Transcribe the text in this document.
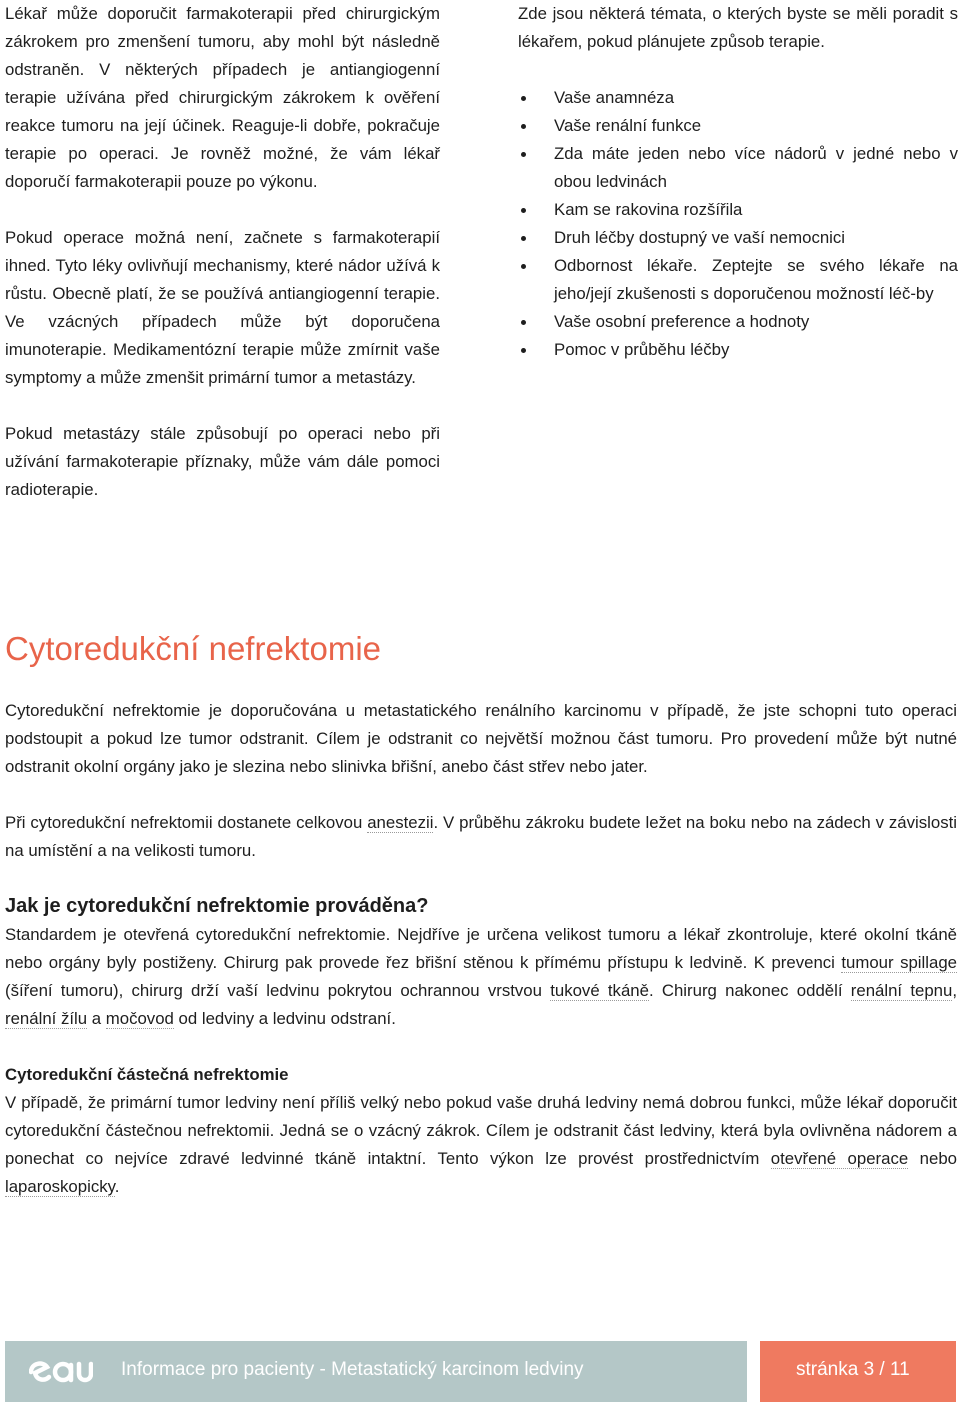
Lékař může doporučit farmakoterapii před chirurgickým zákrokem pro zmenšení tumoru, aby mohl být následně odstraněn. V některých případech je antiangiogenní terapie užívána před chirurgickým zákrokem k ověření reakce tumoru na její účinek. Reaguje-li dobře, pokračuje terapie po operaci. Je rovněž možné, že vám lékař doporučí farmakoterapii pouze po výkonu.

Pokud operace možná není, začnete s farmakoterapií ihned. Tyto léky ovlivňují mechanismy, které nádor užívá k růstu. Obecně platí, že se používá antiangiogenní terapie. Ve vzácných případech může být doporučena imunoterapie. Medikamentózní terapie může zmírnit vaše symptomy a může zmenšit primární tumor a metastázy.

Pokud metastázy stále způsobují po operaci nebo při užívání farmakoterapie příznaky, může vám dále pomoci radioterapie.

Zde jsou některá témata, o kterých byste se měli poradit s lékařem, pokud plánujete způsob terapie.

Vaše anamnéza
Vaše renální funkce
Zda máte jeden nebo více nádorů v jedné nebo v obou ledvinách
Kam se rakovina rozšířila
Druh léčby dostupný ve vaší nemocnici
Odbornost lékaře. Zeptejte se svého lékaře na jeho/její zkušenosti s doporučenou možností léč-by
Vaše osobní preference a hodnoty
Pomoc v průběhu léčby
Cytoredukční nefrektomie

Cytoredukční nefrektomie je doporučována u metastatického renálního karcinomu v případě, že jste schopni tuto operaci podstoupit a pokud lze tumor odstranit. Cílem je odstranit co největší možnou část tumoru. Pro provedení může být nutné odstranit okolní orgány jako je slezina nebo slinivka břišní, anebo část střev nebo jater.

Při cytoredukční nefrektomii dostanete celkovou anestezii. V průběhu zákroku budete ležet na boku nebo na zádech v závislosti na umístění a na velikosti tumoru.

Jak je cytoredukční nefrektomie prováděna?

Standardem je otevřená cytoredukční nefrektomie. Nejdříve je určena velikost tumoru a lékař zkontroluje, které okolní tkáně nebo orgány byly postiženy. Chirurg pak provede řez břišní stěnou k přímému přístupu k ledvině. K prevenci tumour spillage (šíření tumoru), chirurg drží vaší ledvinu pokrytou ochrannou vrstvou tukové tkáně. Chirurg nakonec oddělí renální tepnu, renální žílu a močovod od ledviny a ledvinu odstraní.

Cytoredukční částečná nefrektomie

V případě, že primární tumor ledviny není příliš velký nebo pokud vaše druhá ledviny nemá dobrou funkci, může lékař doporučit cytoredukční částečnou nefrektomii. Jedná se o vzácný zákrok. Cílem je odstranit část ledviny, která byla ovlivněna nádorem a ponechat co nejvíce zdravé ledvinné tkáně intaktní. Tento výkon lze provést prostřednictvím otevřené operace nebo laparoskopicky.

Informace pro pacienty - Metastatický karcinom ledviny	stránka 3 / 11
